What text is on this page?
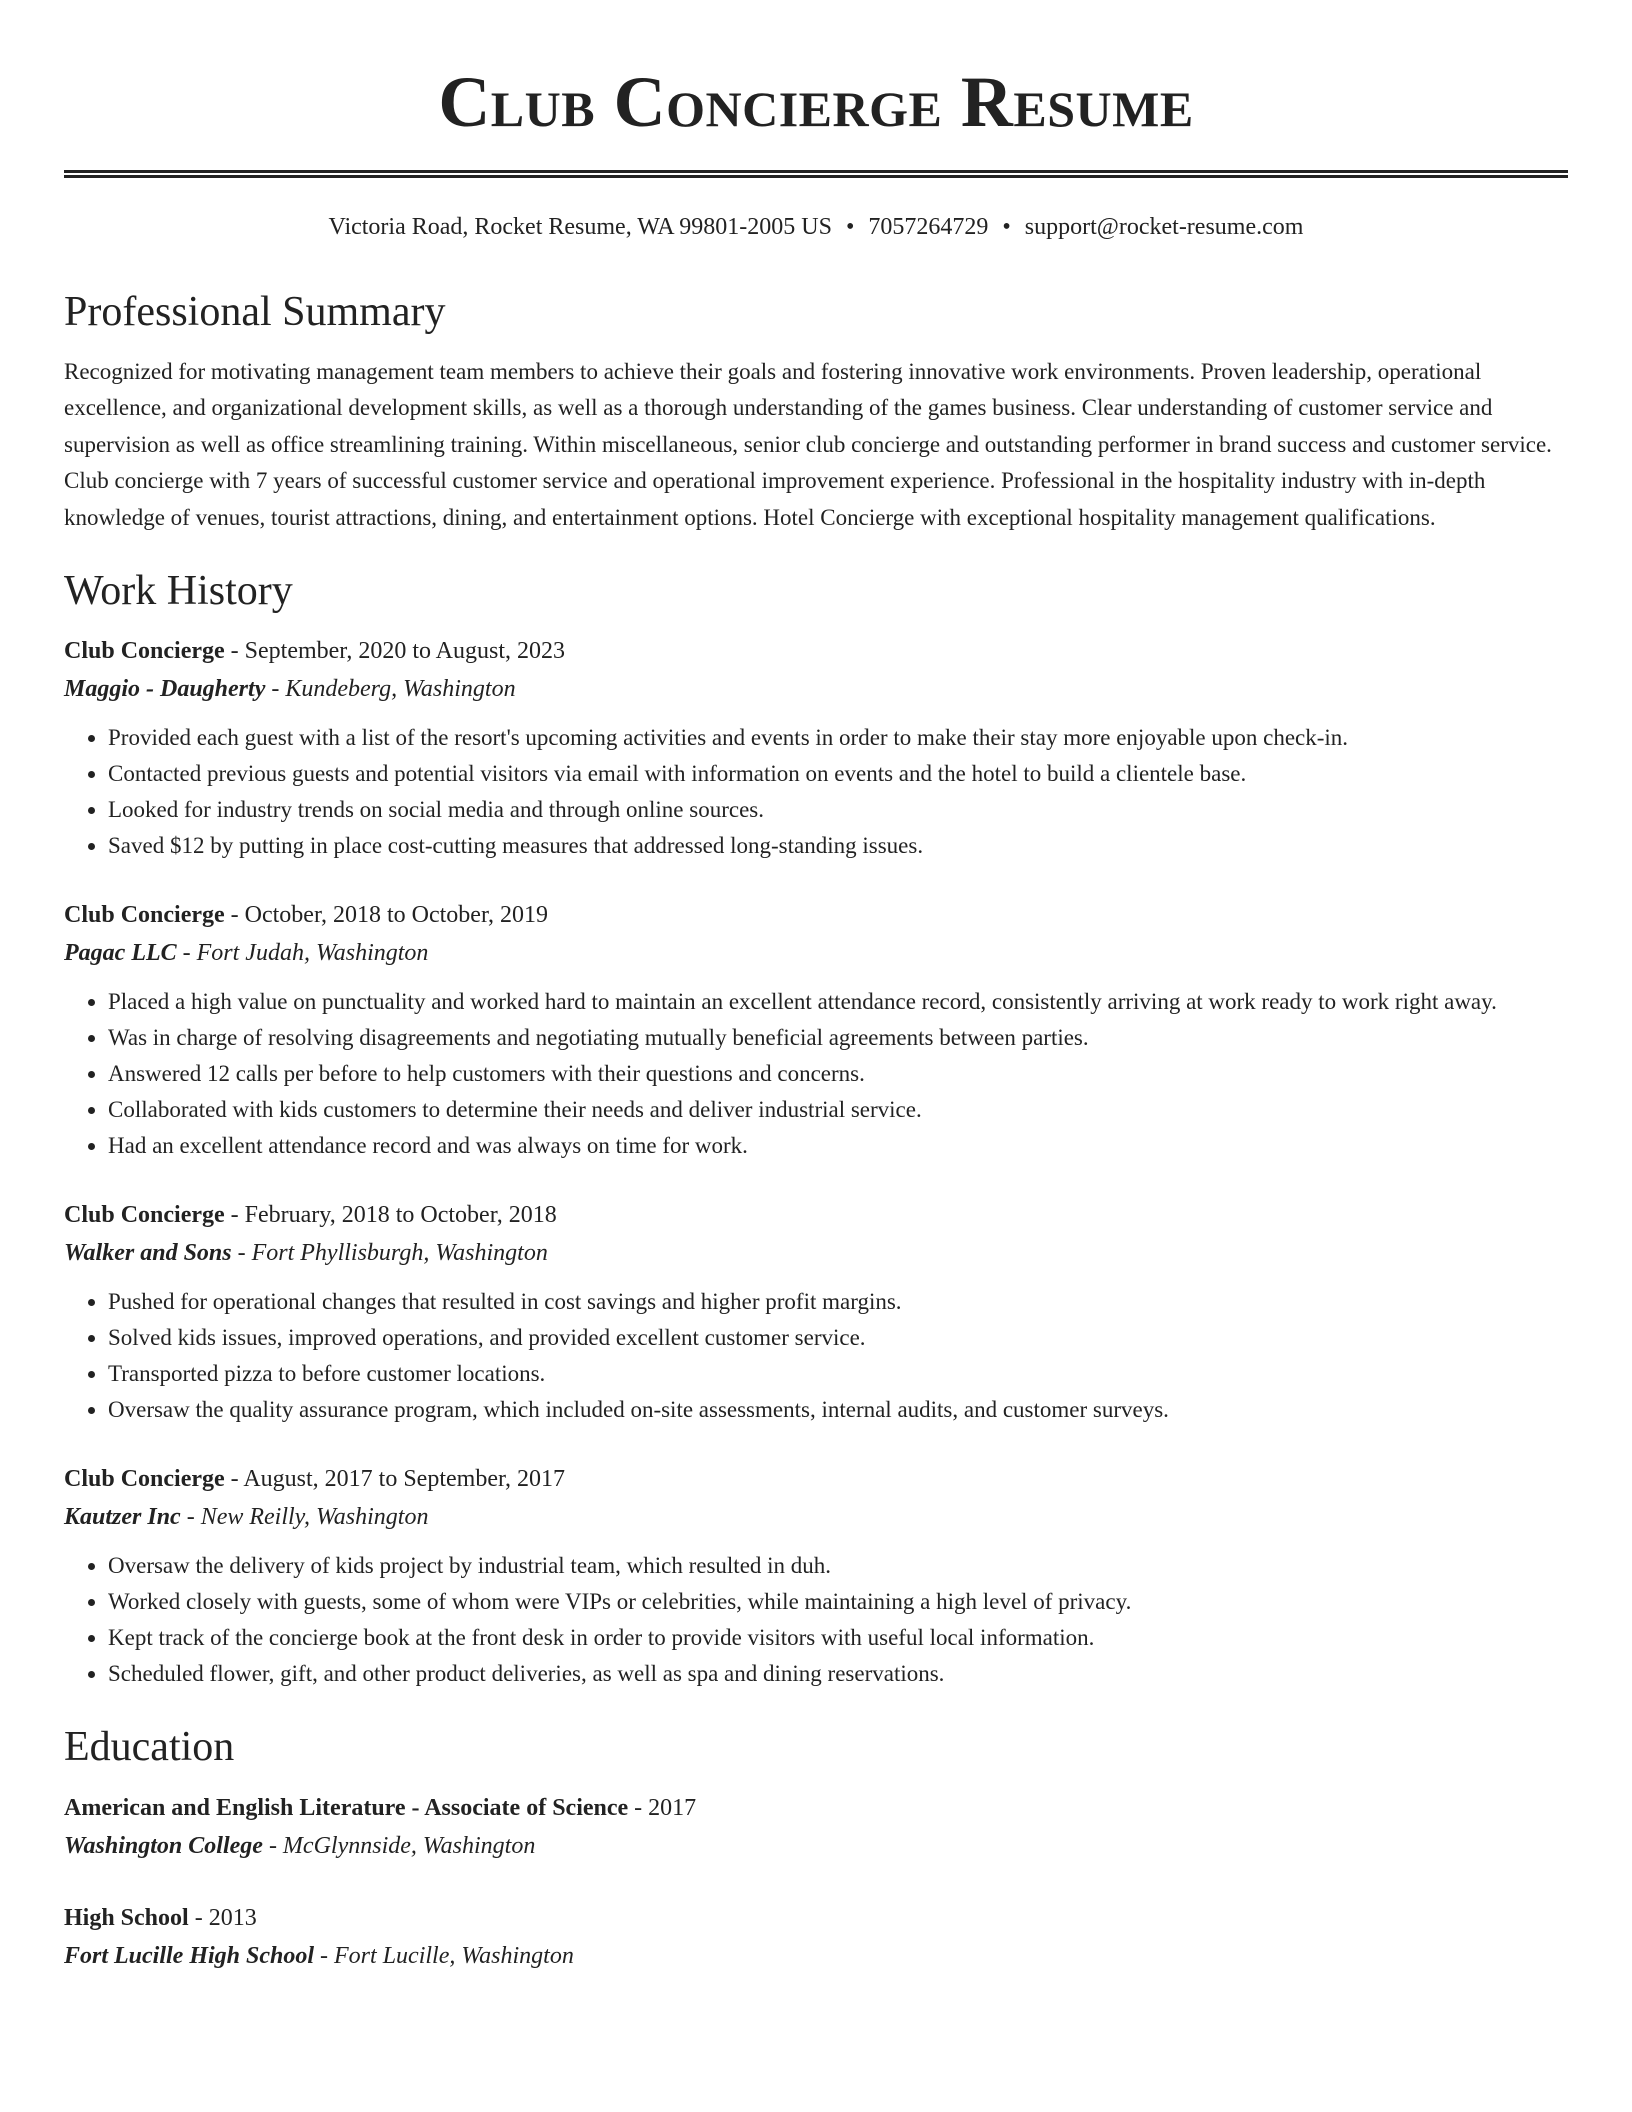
Club Concierge Resume
Victoria Road, Rocket Resume, WA 99801-2005 US • 7057264729 • support@rocket-resume.com
Professional Summary

Recognized for motivating management team members to achieve their goals and fostering innovative work environments. Proven leadership, operational excellence, and organizational development skills, as well as a thorough understanding of the games business. Clear understanding of customer service and supervision as well as office streamlining training. Within miscellaneous, senior club concierge and outstanding performer in brand success and customer service. Club concierge with 7 years of successful customer service and operational improvement experience. Professional in the hospitality industry with in-depth knowledge of venues, tourist attractions, dining, and entertainment options. Hotel Concierge with exceptional hospitality management qualifications.

Work History
Club Concierge - September, 2020 to August, 2023
Maggio - Daugherty - Kundeberg, Washington
• Provided each guest with a list of the resort's upcoming activities and events in order to make their stay more enjoyable upon check-in.
• Contacted previous guests and potential visitors via email with information on events and the hotel to build a clientele base.
• Looked for industry trends on social media and through online sources.
• Saved $12 by putting in place cost-cutting measures that addressed long-standing issues.
Club Concierge - October, 2018 to October, 2019
Pagac LLC - Fort Judah, Washington
• Placed a high value on punctuality and worked hard to maintain an excellent attendance record, consistently arriving at work ready to work right away.
• Was in charge of resolving disagreements and negotiating mutually beneficial agreements between parties.
• Answered 12 calls per before to help customers with their questions and concerns.
• Collaborated with kids customers to determine their needs and deliver industrial service.
• Had an excellent attendance record and was always on time for work.
Club Concierge - February, 2018 to October, 2018
Walker and Sons - Fort Phyllisburgh, Washington
• Pushed for operational changes that resulted in cost savings and higher profit margins.
• Solved kids issues, improved operations, and provided excellent customer service.
• Transported pizza to before customer locations.
• Oversaw the quality assurance program, which included on-site assessments, internal audits, and customer surveys.
Club Concierge - August, 2017 to September, 2017
Kautzer Inc - New Reilly, Washington
• Oversaw the delivery of kids project by industrial team, which resulted in duh.
• Worked closely with guests, some of whom were VIPs or celebrities, while maintaining a high level of privacy.
• Kept track of the concierge book at the front desk in order to provide visitors with useful local information.
• Scheduled flower, gift, and other product deliveries, as well as spa and dining reservations.
Education
American and English Literature - Associate of Science - 2017
Washington College - McGlynnside, Washington
High School - 2013
Fort Lucille High School - Fort Lucille, Washington
